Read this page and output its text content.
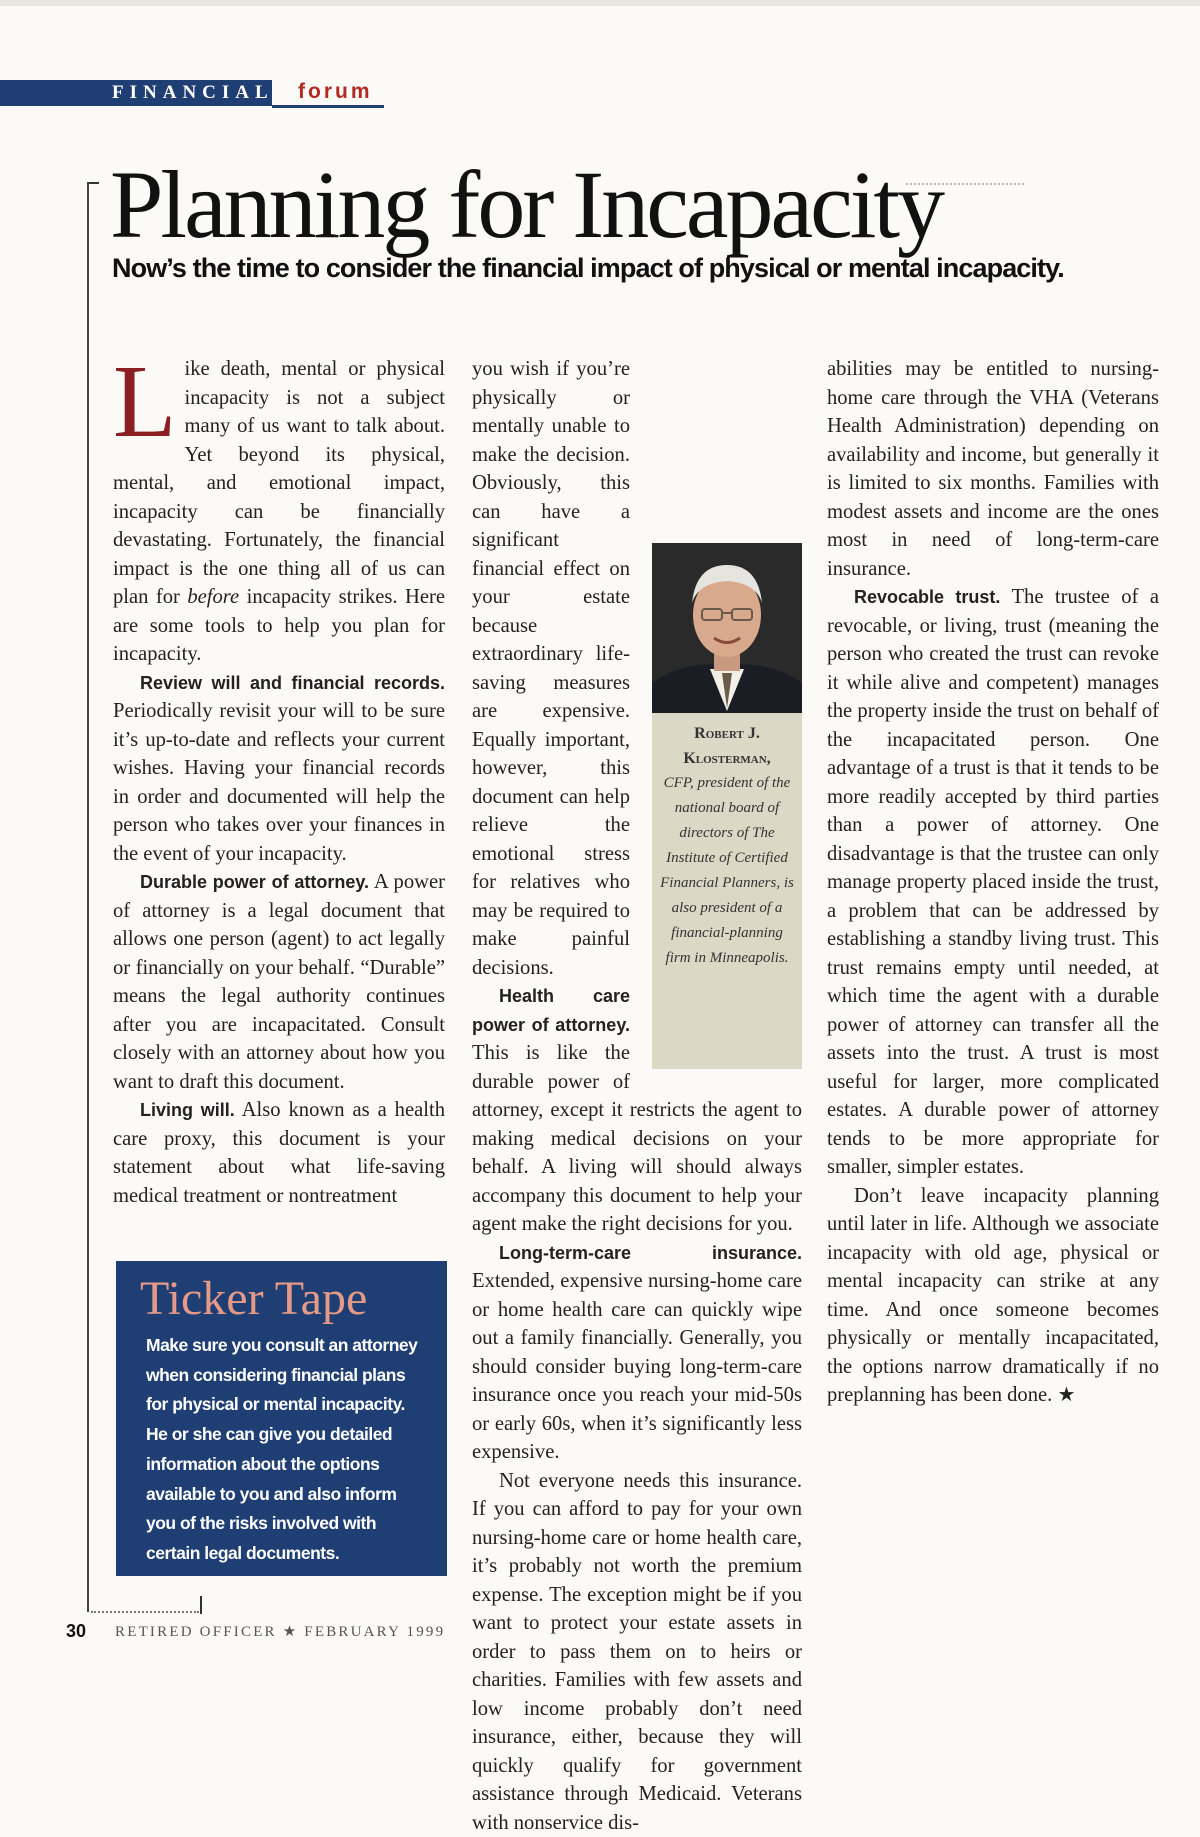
FINANCIAL forum
Planning for Incapacity
Now’s the time to consider the financial impact of physical or mental incapacity.

Like death, mental or physical incapacity is not a subject many of us want to talk about. Yet beyond its physical, mental, and emotional impact, incapacity can be financially devastating. Fortunately, the financial impact is the one thing all of us can plan for before incapacity strikes. Here are some tools to help you plan for incapacity.

Review will and financial records. Periodically revisit your will to be sure it’s up-to-date and reflects your current wishes. Having your financial records in order and documented will help the person who takes over your finances in the event of your incapacity.

Durable power of attorney. A power of attorney is a legal document that allows one person (agent) to act legally or financially on your behalf. “Durable” means the legal authority continues after you are incapacitated. Consult closely with an attorney about how you want to draft this document.

Living will. Also known as a health care proxy, this document is your statement about what life-saving medical treatment or nontreatment

Robert J. Klosterman,
CFP, president of the national board of directors of The Institute of Certified Financial Planners, is also president of a financial-planning firm in Minneapolis.
you wish if you’re physically or mentally unable to make the decision. Obviously, this can have a significant financial effect on your estate because extraordinary life-saving measures are expensive. Equally important, however, this document can help relieve the emotional stress for relatives who may be required to make painful decisions.

Health care power of attorney. This is like the durable power of attorney, except it restricts the agent to making medical decisions on your behalf. A living will should always accompany this document to help your agent make the right decisions for you.

Long-term-care insurance. Extended, expensive nursing-home care or home health care can quickly wipe out a family financially. Generally, you should consider buying long-term-care insurance once you reach your mid-50s or early 60s, when it’s significantly less expensive.

Not everyone needs this insurance. If you can afford to pay for your own nursing-home care or home health care, it’s probably not worth the premium expense. The exception might be if you want to protect your estate assets in order to pass them on to heirs or charities. Families with few assets and low income probably don’t need insurance, either, because they will quickly qualify for government assistance through Medicaid. Veterans with nonservice dis-

abilities may be entitled to nursing-home care through the VHA (Veterans Health Administration) depending on availability and income, but generally it is limited to six months. Families with modest assets and income are the ones most in need of long-term-care insurance.

Revocable trust. The trustee of a revocable, or living, trust (meaning the person who created the trust can revoke it while alive and competent) manages the property inside the trust on behalf of the incapacitated person. One advantage of a trust is that it tends to be more readily accepted by third parties than a power of attorney. One disadvantage is that the trustee can only manage property placed inside the trust, a problem that can be addressed by establishing a standby living trust. This trust remains empty until needed, at which time the agent with a durable power of attorney can transfer all the assets into the trust. A trust is most useful for larger, more complicated estates. A durable power of attorney tends to be more appropriate for smaller, simpler estates.

Don’t leave incapacity planning until later in life. Although we associate incapacity with old age, physical or mental incapacity can strike at any time. And once someone becomes physically or mentally incapacitated, the options narrow dramatically if no preplanning has been done. ★

Ticker Tape
Make sure you consult an attorney when considering financial plans for physical or mental incapacity. He or she can give you detailed information about the options available to you and also inform you of the risks involved with certain legal documents.
30 RETIRED OFFICER ★ FEBRUARY 1999
